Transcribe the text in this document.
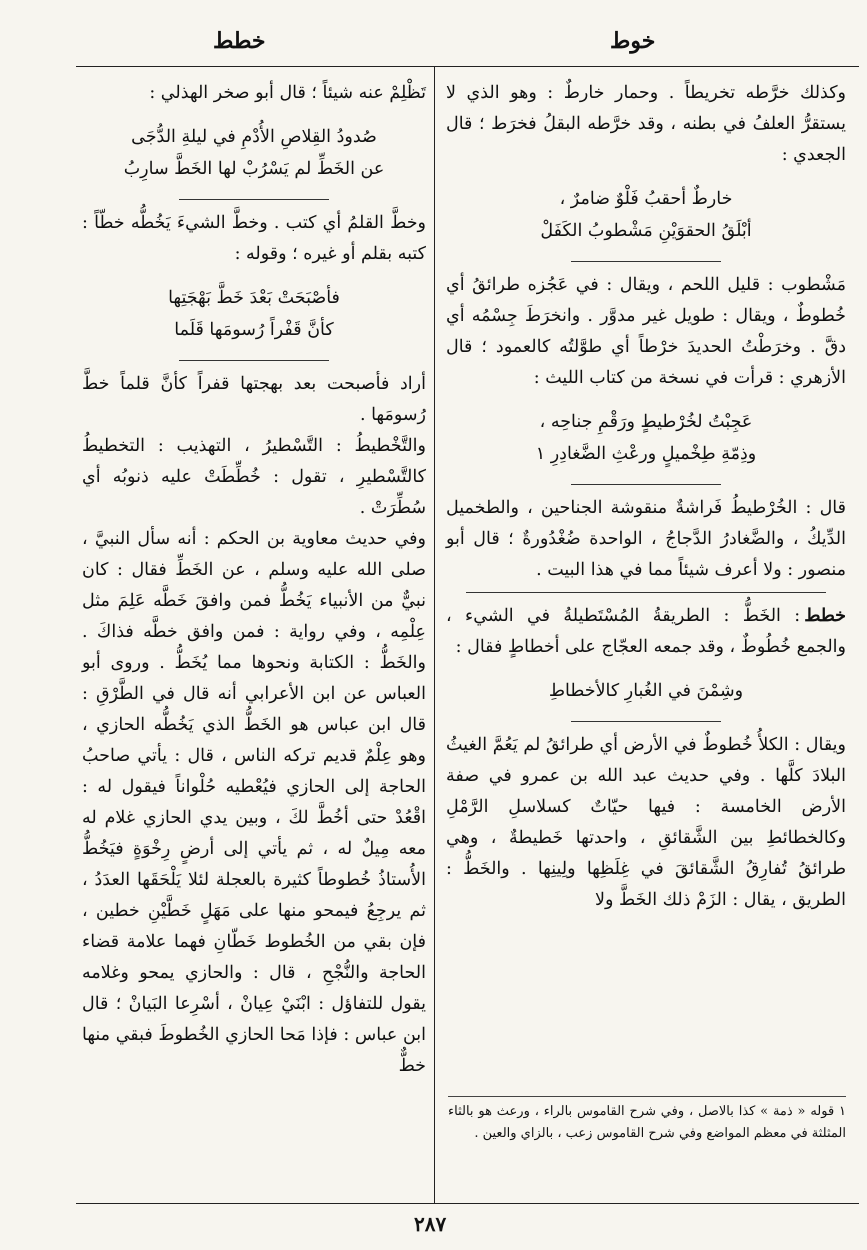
خوط
خطط

وكذلك خرَّطه تخريطاً . وحمار خارطٌ : وهو الذي لا يستقرُّ العلفُ في بطنه ، وقد خرَّطه البقلُ فخرَط ؛ قال الجعدي :

خارطٌ أحقبُ فَلْوٌ ضامرٌ ،
أبْلَقُ الحقوَيْنِ مَشْطوبُ الكَفَلْ

مَشْطوب : قليل اللحم ، ويقال : في عَجُزه طرائقُ أي خُطوطٌ ، ويقال : طويل غير مدوَّر . وانخرَطَ جِسْمُه أي دقَّ . وخرَطْتُ الحديدَ خرْطاً أي طوَّلتُه كالعمود ؛ قال الأزهري : قرأت في نسخة من كتاب الليث :

عَجِبْتُ لخُرْطيطٍ ورَقْمِ جناحِه ،
وذِمّةِ طِخْميلٍ ورعْثِ الضَّغادِرِ ١

قال : الخُرْطيطُ فَراشةٌ منقوشة الجناحين ، والطخميل الدِّيكُ ، والضَّغادرُ الدَّجاجُ ، الواحدة ضُغْدُورةٌ ؛ قال أبو منصور : ولا أعرف شيئاً مما في هذا البيت .

خطط: الخَطُّ : الطريقةُ المُسْتَطيلةُ في الشيء ، والجمع خُطُوطٌ ، وقد جمعه العجّاج على أخطاطٍ فقال :

وشِمْنَ في الغُبارِ كالأخطاطِ

ويقال : الكلأُ خُطوطٌ في الأرض أي طرائقُ لم يَعُمَّ الغيثُ البلادَ كلَّها . وفي حديث عبد الله بن عمرو في صفة الأرض الخامسة : فيها حيّاتٌ كسلاسلِ الرَّمْلِ وكالخطائطِ بين الشَّقائقِ ، واحدتها خَطيطةٌ ، وهي طرائقُ تُفارِقُ الشَّقائقَ في غِلَظِها ولِينِها . والخَطُّ : الطريق ، يقال : الزَمْ ذلك الخَطَّ ولا

١ قوله « ذمة » كذا بالاصل ، وفي شرح القاموس بالراء ، ورعث هو بالثاء المثلثة في معظم المواضع وفي شرح القاموس زعب ، بالزاي والعين .

تَظْلِمْ عنه شيئاً ؛ قال أبو صخر الهذلي :

صُدودُ القِلاصِ الأُدْمِ في ليلةِ الدُّجَى
عن الخَطِّ لم يَسْرُبْ لها الخَطَّ سارِبُ

وخطَّ القلمُ أي كتب . وخطَّ الشيءَ يَخُطُّه خطّاً : كتبه بقلم أو غيره ؛ وقوله :

فأصْبَحَتْ بَعْدَ خَطَّ بَهْجَتِها
كأنَّ قَفْراً رُسومَها قَلَما

أراد فأصبحت بعد بهجتها قفراً كأنَّ قلماً خطَّ رُسومَها .

والتَّخْطيطُ : التَّسْطيرُ ، التهذيب : التخطيطُ كالتَّسْطيرِ ، تقول : خُطِّطَتْ عليه ذنوبُه أي سُطِّرَتْ .

وفي حديث معاوية بن الحكم : أنه سأل النبيَّ ، صلى الله عليه وسلم ، عن الخَطِّ فقال : كان نبيٌّ من الأنبياء يَخُطُّ فمن وافقَ خَطَّه عَلِمَ مثل عِلْمِه ، وفي رواية : فمن وافق خطَّه فذاكَ . والخَطُّ : الكتابة ونحوها مما يُخَطُّ . وروى أبو العباس عن ابن الأعرابي أنه قال في الطَّرْقِ : قال ابن عباس هو الخَطُّ الذي يَخُطُّه الحازي ، وهو عِلْمٌ قديم تركه الناس ، قال : يأتي صاحبُ الحاجة إلى الحازي فيُعْطيه حُلْواناً فيقول له : اقْعُدْ حتى أخُطَّ لكَ ، وبين يدي الحازي غلام له معه مِيلٌ له ، ثم يأتي إلى أرضٍ رِخْوَةٍ فيَخُطُّ الأُستاذُ خُطوطاً كثيرة بالعجلة لئلا يَلْحَقَها العدَدُ ، ثم يرجِعُ فيمحو منها على مَهَلٍ خَطَّيْنِ خطين ، فإن بقي من الخُطوط خَطّانِ فهما علامة قضاء الحاجة والنُّجْحِ ، قال : والحازي يمحو وغلامه يقول للتفاؤل : ابْنَيْ عِيانْ ، أسْرِعا البَيانْ ؛ قال ابن عباس : فإذا مَحا الحازي الخُطوطَ فبقي منها خطٌّ

٢٨٧
